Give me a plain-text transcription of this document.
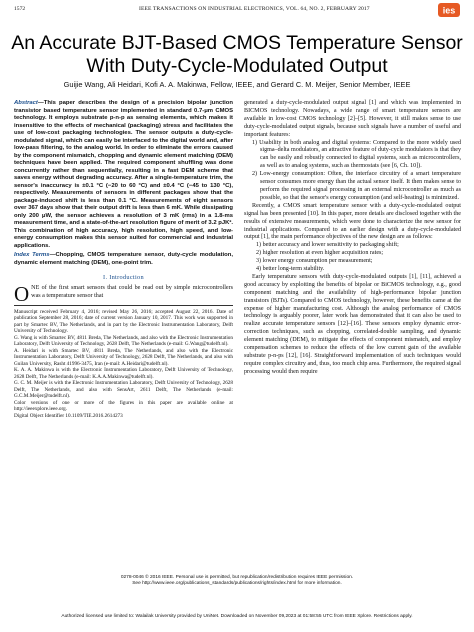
1572	IEEE TRANSACTIONS ON INDUSTRIAL ELECTRONICS, VOL. 64, NO. 2, FEBRUARY 2017	ies
An Accurate BJT-Based CMOS Temperature Sensor With Duty-Cycle-Modulated Output
Guijie Wang, Ali Heidari, Kofi A. A. Makinwa, Fellow, IEEE, and Gerard C. M. Meijer, Senior Member, IEEE

Abstract—This paper describes the design of a precision bipolar junction transistor based temperature sensor implemented in standard 0.7-μm CMOS technology. It employs substrate p-n-p as sensing elements, which makes it insensitive to the effects of mechanical (packaging) stress and facilitates the use of low-cost packaging technologies. The sensor outputs a duty-cycle-modulated signal, which can easily be interfaced to the digital world and, after low-pass filtering, to the analog world. In order to eliminate the errors caused by the component mismatch, chopping and dynamic element matching (DEM) techniques have been applied. The required component shuffling was done concurrently rather than sequentially, resulting in a fast DEM scheme that saves energy without degrading accuracy. After a single-temperature trim, the sensor's inaccuracy is ±0.1 °C (−20 to 60 °C) and ±0.4 °C (−45 to 130 °C), respectively. Measurements of sensors in different packages show that the package-induced shift is less than 0.1 °C. Measurements of eight sensors over 367 days show that their output drift is less than 6 mK. While dissipating only 200 μW, the sensor achieves a resolution of 3 mK (rms) in a 1.8-ms measurement time, and a state-of-the-art resolution figure of merit of 3.2 pJK². This combination of high accuracy, high resolution, high speed, and low-energy consumption makes this sensor suited for commercial and industrial applications.

Index Terms—Chopping, CMOS temperature sensor, duty-cycle modulation, dynamic element matching (DEM), one-point trim.

I. Introduction

ONE of the first smart sensors that could be read out by simple microcontrollers was a temperature sensor that

Manuscript received February 4, 2016; revised May 26, 2016; accepted August 22, 2016. Date of publication September 28, 2016; date of current version January 10, 2017. This work was supported in part by Smartec BV, The Netherlands, and in part by the Electronic Instrumentation Laboratory, Delft University of Technology.

G. Wang is with Smartec BV, 4811 Breda, The Netherlands, and also with the Electronic Instrumentation Laboratory, Delft University of Technology, 2628 Delft, The Netherlands (e-mail: G.Wang@tudelft.nl).

A. Heidari is with Smartec BV, 4811 Breda, The Netherlands, and also with the Electronic Instrumentation Laboratory, Delft University of Technology, 2628 Delft, The Netherlands, and also with Guilan University, Rasht 41996-3475, Iran (e-mail: A.Heidari@tudelft.nl).

K. A. A. Makinwa is with the Electronic Instrumentation Laboratory, Delft University of Technology, 2628 Delft, The Netherlands (e-mail: K.A.A.Makinwa@tudelft.nl).

G. C. M. Meijer is with the Electronic Instrumentation Laboratory, Delft University of Technology, 2628 Delft, The Netherlands, and also with SensArt, 2611 Delft, The Netherlands (e-mail: G.C.M.Meijer@tudelft.nl).

Color versions of one or more of the figures in this paper are available online at http://ieeexplore.ieee.org.

Digital Object Identifier 10.1109/TIE.2016.2614273

generated a duty-cycle-modulated output signal [1] and which was implemented in BICMOS technology. Nowadays, a wide range of smart temperature sensors are available in low-cost CMOS technology [2]–[5]. However, it still makes sense to use duty-cycle-modulated output signals, because such signals have a number of useful and important features:

1) Usability in both analog and digital systems: Compared to the more widely used sigma–delta modulators, an attractive feature of duty-cycle modulators is that they can be easily and robustly connected to digital systems, such as microcontrollers, as well as to analog systems, such as thermostats (see [6, Ch. 10]).

2) Low-energy consumption: Often, the interface circuitry of a smart temperature sensor consumes more energy than the actual sensor itself. It then makes sense to perform the required signal processing in an external microcontroller as much as possible, so that the sensor's energy consumption (and self-heating) is minimized.

Recently, a CMOS smart temperature sensor with a duty-cycle-modulated output signal has been presented [10]. In this paper, more details are disclosed together with the results of extensive measurements, which were done to characterize the new sensor for industrial applications. Compared to an earlier design with a duty-cycle-modulated output [1], the main performance objectives of the new design are as follows:

1) better accuracy and lower sensitivity to packaging shift;

2) higher resolution at even higher acquisition rates;

3) lower energy consumption per measurement;

4) better long-term stability.

Early temperature sensors with duty-cycle-modulated outputs [1], [11], achieved a good accuracy by exploiting the benefits of bipolar or BiCMOS technology, e.g., good component matching and the availability of high-performance bipolar junction transistors (BJTs). Compared to CMOS technology, however, these benefits came at the expense of higher manufacturing cost. Although the analog performance of CMOS technology is arguably poorer, later work has demonstrated that it can also be used to realize accurate temperature sensors [12]–[16]. These sensors employ dynamic error-correction techniques, such as chopping, correlated-double sampling, and dynamic element matching (DEM), to mitigate the effects of component mismatch, and employ compensation schemes to reduce the effects of the low current gain of the available substrate p-n-ps [12], [16]. Straightforward implementation of such techniques would require complex circuitry and, thus, too much chip area. Furthermore, the required signal processing would then require

0278-0046 © 2016 IEEE. Personal use is permitted, but republication/redistribution requires IEEE permission.
See http://www.ieee.org/publications_standards/publications/rights/index.html for more information.
Authorized licensed use limited to: Walailak University provided by UniNet. Downloaded on November 09,2023 at 01:58:55 UTC from IEEE Xplore. Restrictions apply.
